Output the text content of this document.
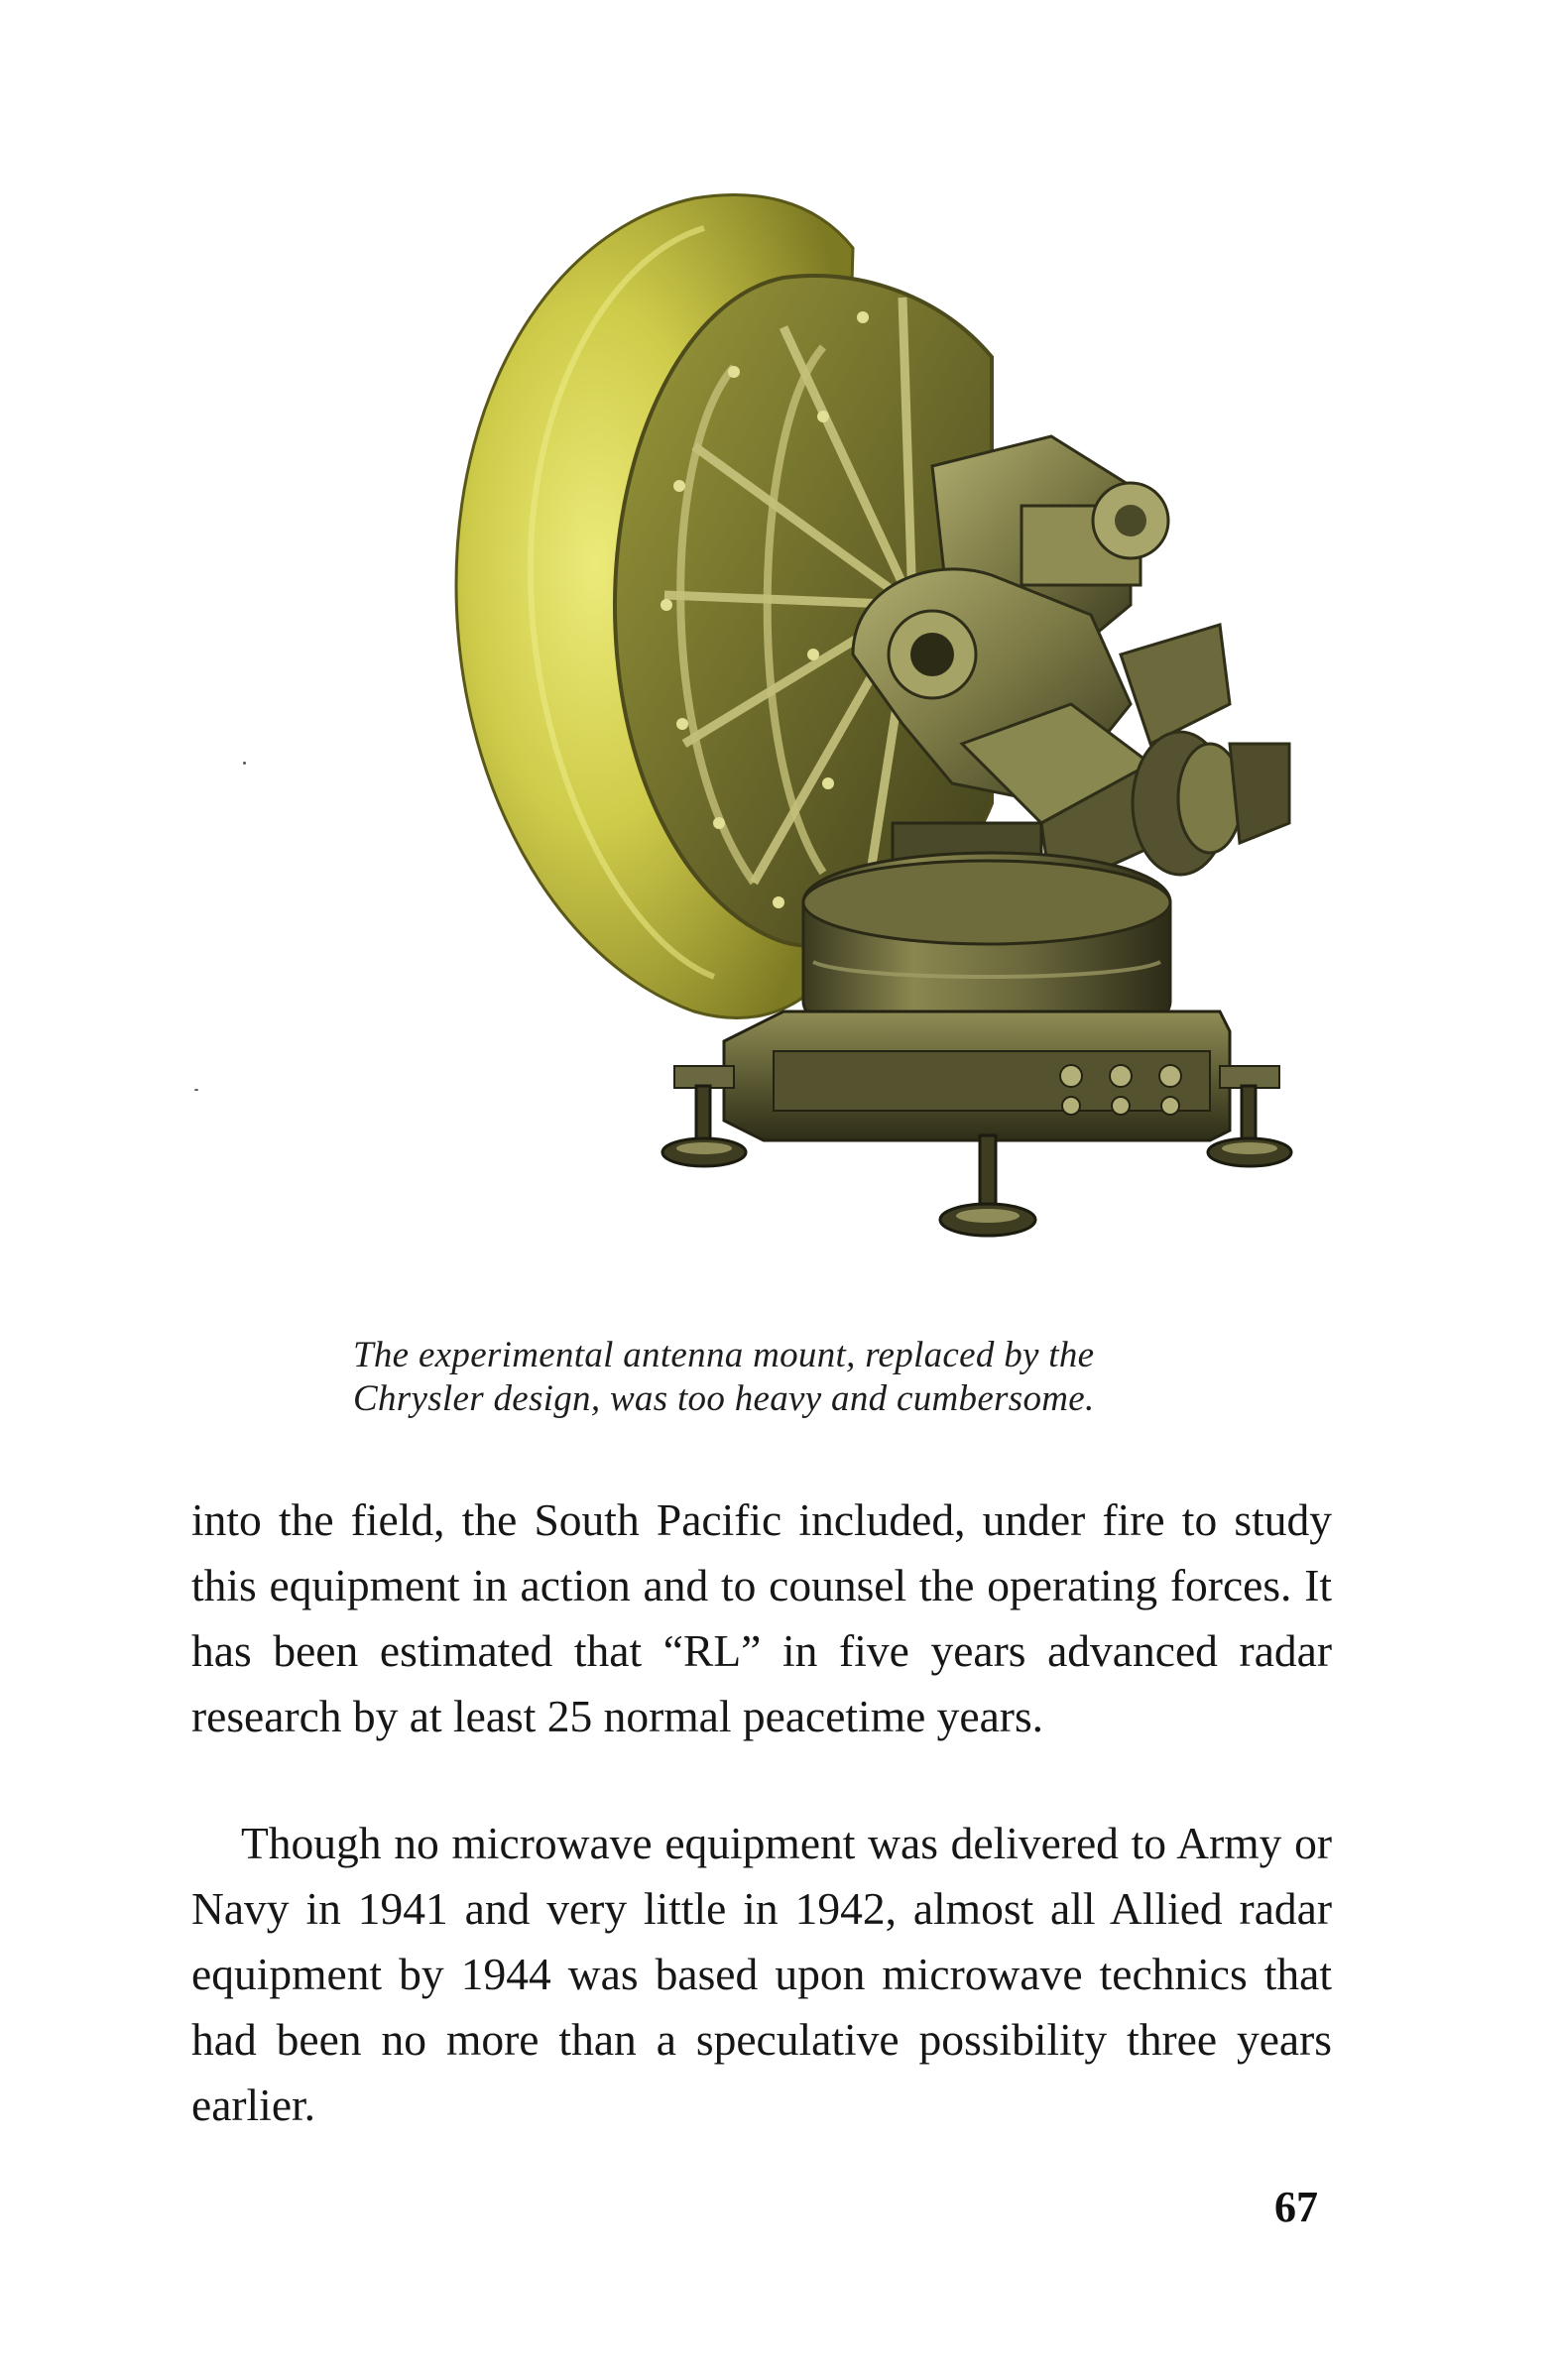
The experimental antenna mount, replaced by the
Chrysler design, was too heavy and cumbersome.

into the field, the South Pacific included, under fire to study this equipment in action and to counsel the operating forces. It has been estimated that “RL” in five years advanced radar research by at least 25 normal peacetime years.

Though no microwave equipment was delivered to Army or Navy in 1941 and very little in 1942, almost all Allied radar equipment by 1944 was based upon microwave technics that had been no more than a speculative possibility three years earlier.

67
